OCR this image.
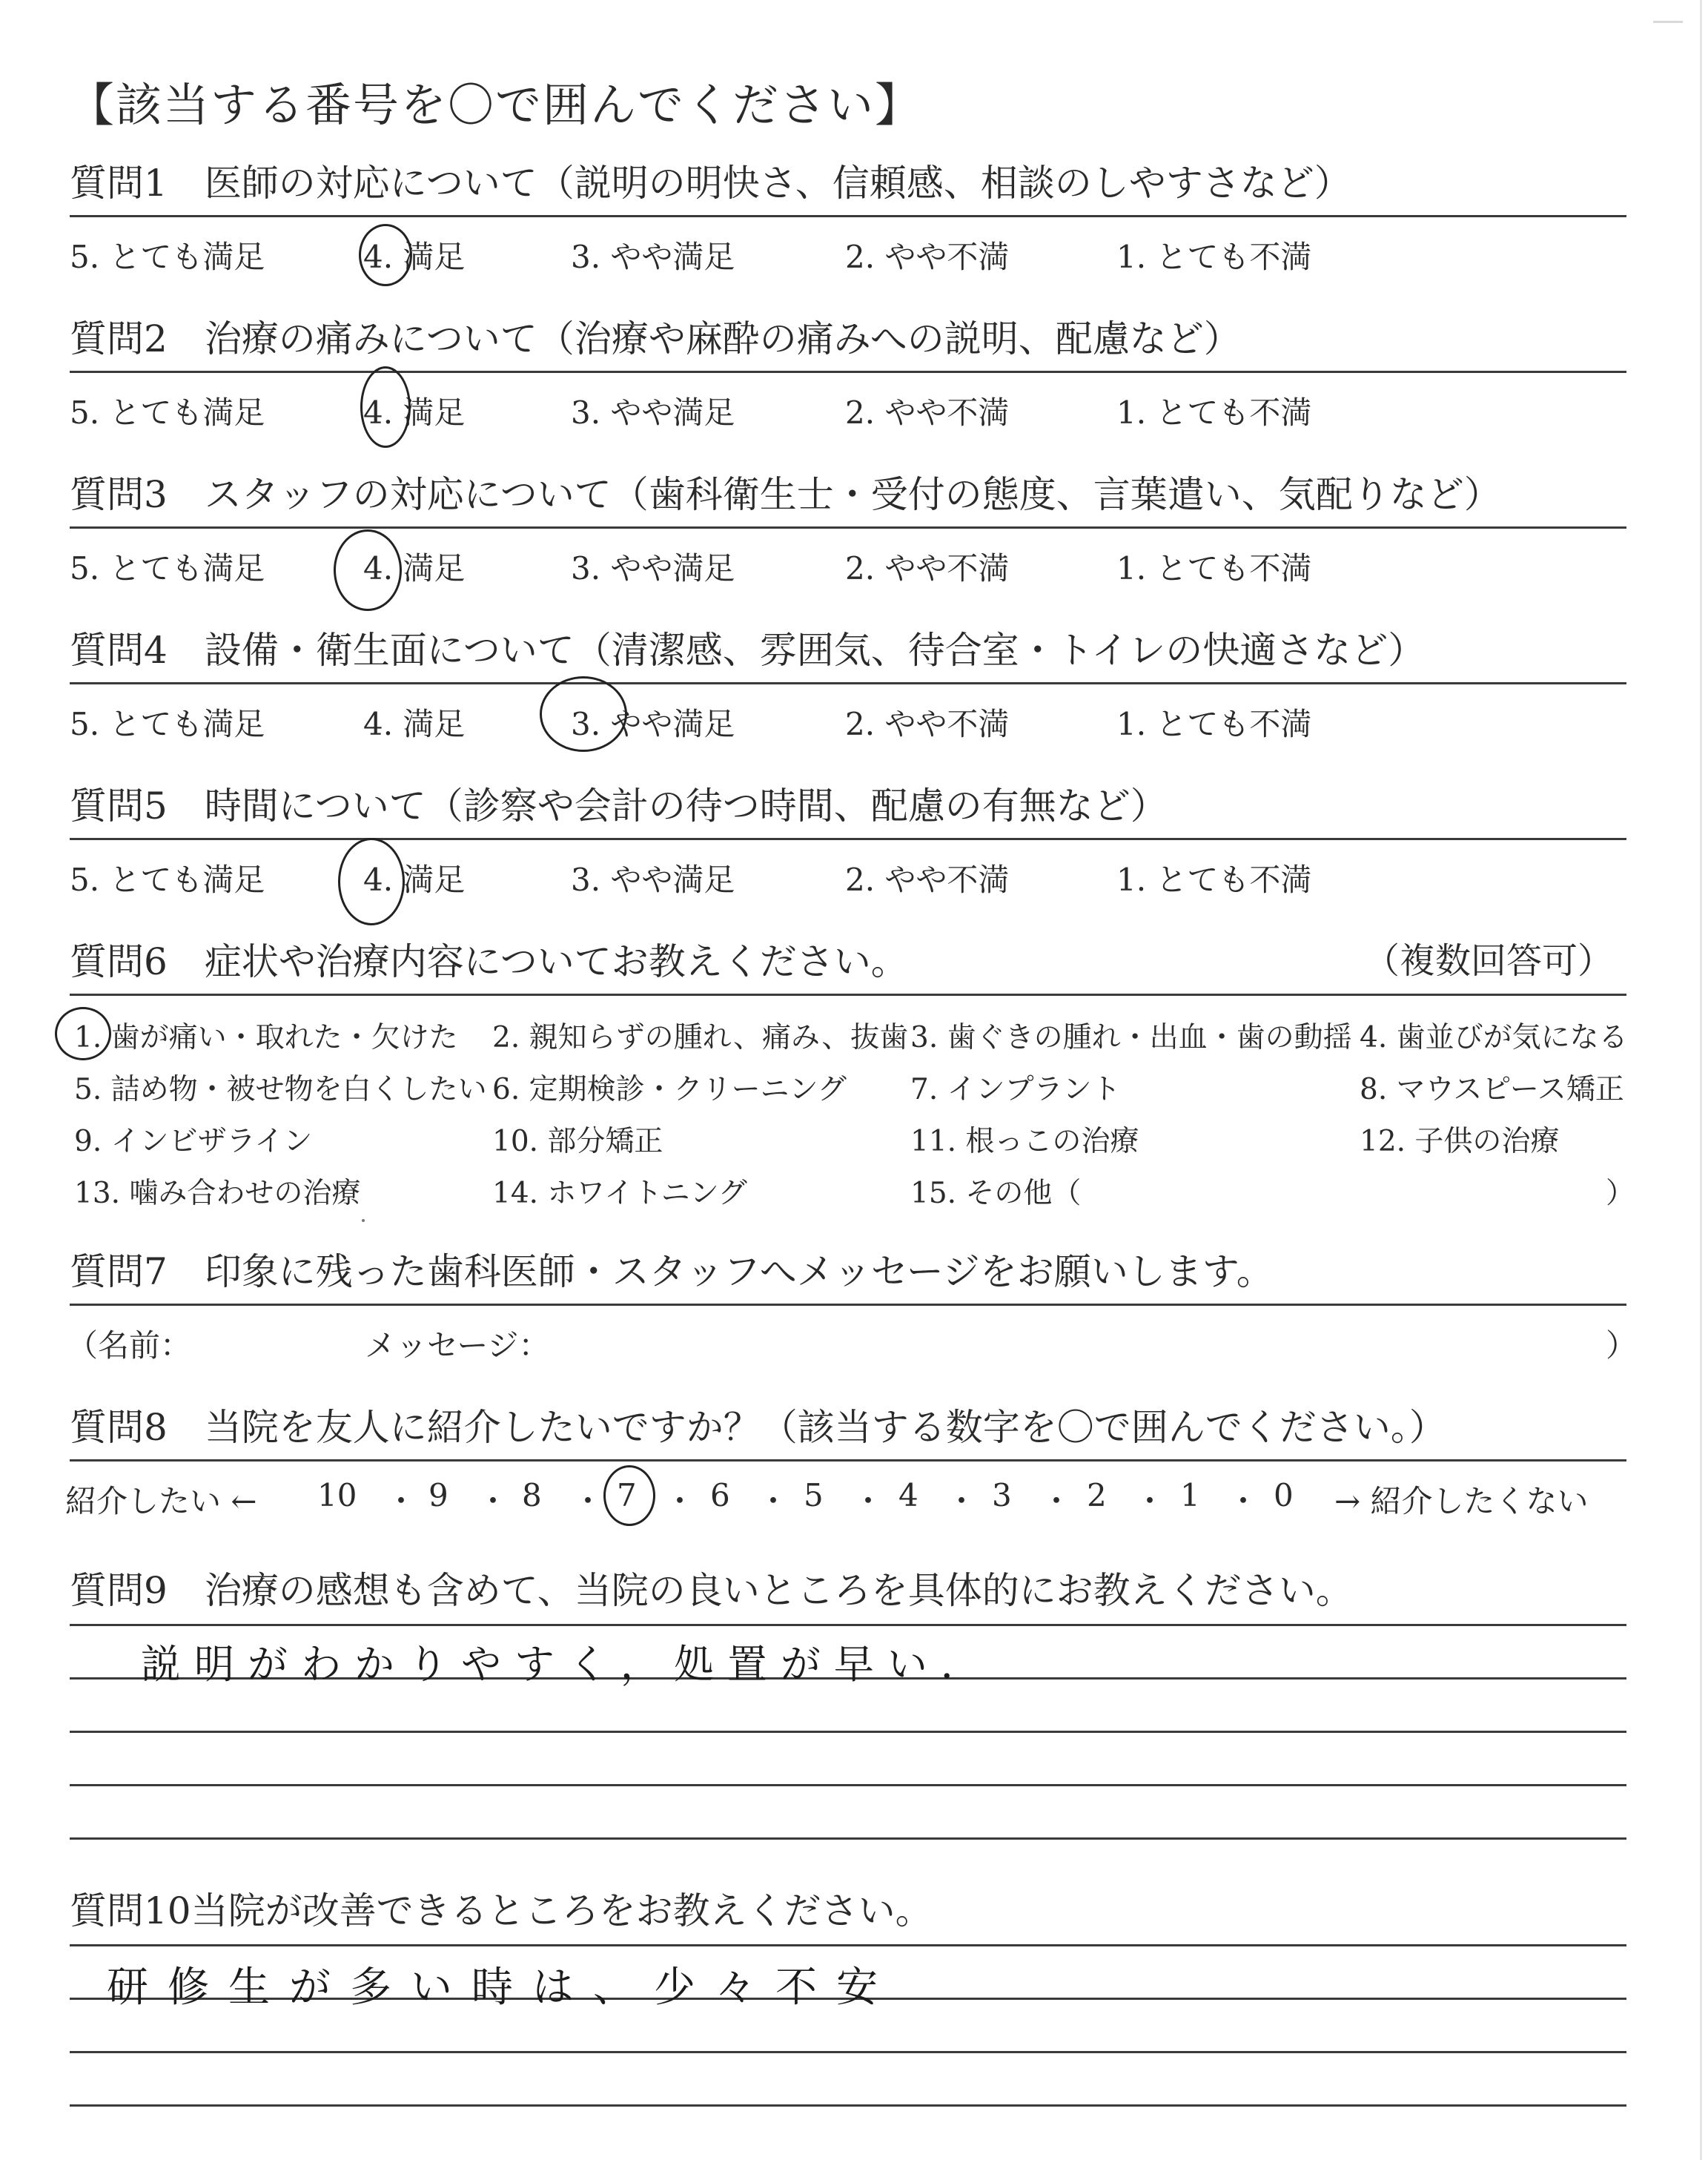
【該当する番号を〇で囲んでください】
質問1　 医師の対応について（説明の明快さ、信頼感、相談のしやすさなど）
5. とても満足	4. 満足	3. やや満足	2. やや不満	1. とても不満
質問2　 治療の痛みについて（治療や麻酔の痛みへの説明、配慮など）
5. とても満足	4. 満足	3. やや満足	2. やや不満	1. とても不満
質問3　 スタッフの対応について（歯科衛生士・受付の態度、言葉遣い、気配りなど）
5. とても満足	4. 満足	3. やや満足	2. やや不満	1. とても不満
質問4　 設備・衛生面について（清潔感、雰囲気、待合室・トイレの快適さなど）
5. とても満足	4. 満足	3. やや満足	2. やや不満	1. とても不満
質問5　 時間について（診察や会計の待つ時間、配慮の有無など）
5. とても満足	4. 満足	3. やや満足	2. やや不満	1. とても不満
質問6　 症状や治療内容についてお教えください。	（複数回答可）
1. 歯が痛い・取れた・欠けた 2. 親知らずの腫れ、痛み、抜歯 3. 歯ぐきの腫れ・出血・歯の動揺 4. 歯並びが気になる
5. 詰め物・被せ物を白くしたい 6. 定期検診・クリーニング 7. インプラント	8. マウスピース矯正
9. インビザライン	10. 部分矯正	11. 根っこの治療	12. 子供の治療
13. 噛み合わせの治療	14. ホワイトニング	15. その他（	）
質問7　 印象に残った歯科医師・スタッフへメッセージをお願いします。
（名前：	メッセージ：	）
質問8　 当院を友人に紹介したいですか？（該当する数字を〇で囲んでください。）
紹介したい ← 10 ・ 9 ・ 8 ・ 7 ・ 6 ・ 5 ・ 4 ・ 3 ・ 2 ・ 1 ・ 0 → 紹介したくない
質問9　 治療の感想も含めて、当院の良いところを具体的にお教えください。
説明がわかりやすく，処置が早い．
質問10当院が改善できるところをお教えください。
研修生が多い時は、少々不安
